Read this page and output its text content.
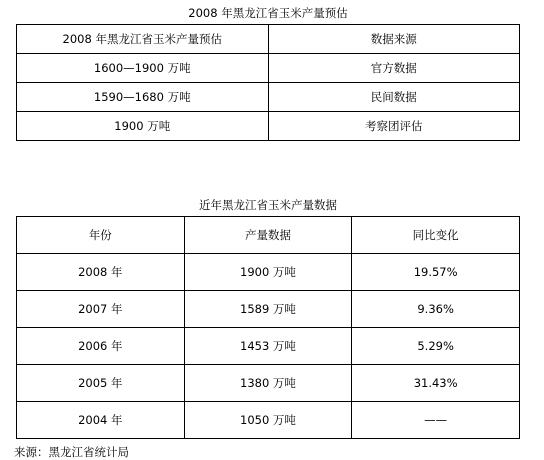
2008 年黑龙江省玉米产量预估
2008 年黑龙江省玉米产量预估	数据来源
1600—1900 万吨	官方数据
1590—1680 万吨	民间数据
1900 万吨	考察团评估
近年黑龙江省玉米产量数据
年份	产量数据	同比变化
2008 年	1900 万吨	19.57%
2007 年	1589 万吨	9.36%
2006 年	1453 万吨	5.29%
2005 年	1380 万吨	31.43%
2004 年	1050 万吨	——
来源：黑龙江省统计局
